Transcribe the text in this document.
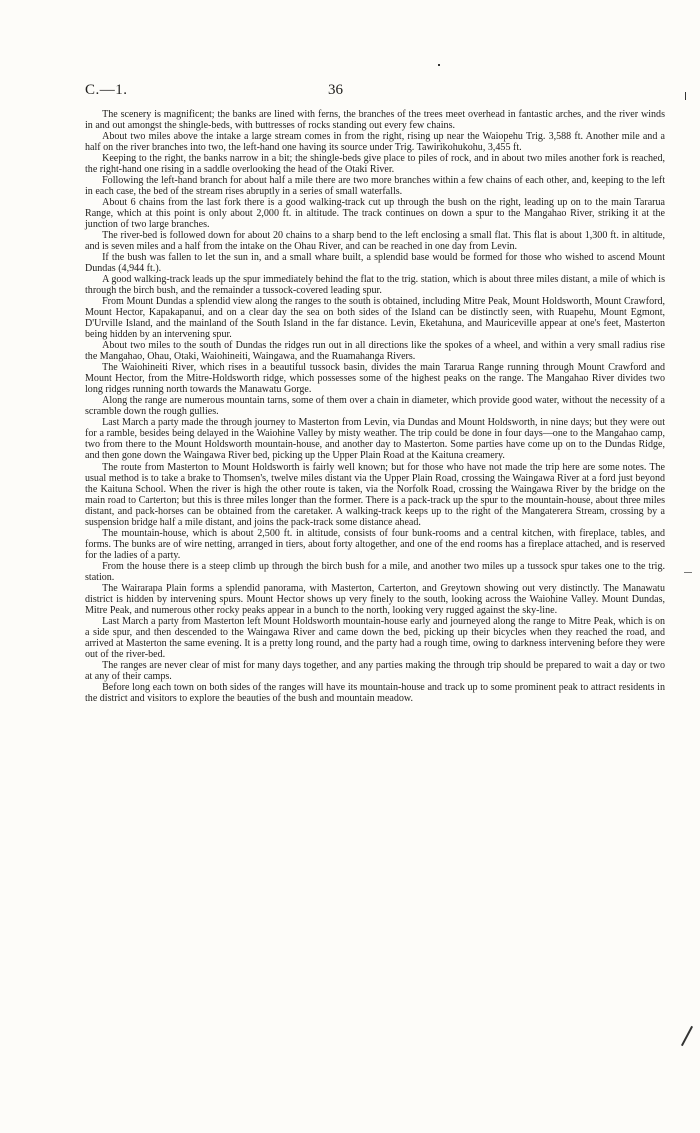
C.—1.	36

The scenery is magnificent; the banks are lined with ferns, the branches of the trees meet overhead in fantastic arches, and the river winds in and out amongst the shingle-beds, with buttresses of rocks standing out every few chains.

About two miles above the intake a large stream comes in from the right, rising up near the Waiopehu Trig. 3,588 ft. Another mile and a half on the river branches into two, the left-hand one having its source under Trig. Tawirikohukohu, 3,455 ft.

Keeping to the right, the banks narrow in a bit; the shingle-beds give place to piles of rock, and in about two miles another fork is reached, the right-hand one rising in a saddle overlooking the head of the Otaki River.

Following the left-hand branch for about half a mile there are two more branches within a few chains of each other, and, keeping to the left in each case, the bed of the stream rises abruptly in a series of small waterfalls.

About 6 chains from the last fork there is a good walking-track cut up through the bush on the right, leading up on to the main Tararua Range, which at this point is only about 2,000 ft. in altitude. The track continues on down a spur to the Mangahao River, striking it at the junction of two large branches.

The river-bed is followed down for about 20 chains to a sharp bend to the left enclosing a small flat. This flat is about 1,300 ft. in altitude, and is seven miles and a half from the intake on the Ohau River, and can be reached in one day from Levin.

If the bush was fallen to let the sun in, and a small whare built, a splendid base would be formed for those who wished to ascend Mount Dundas (4,944 ft.).

A good walking-track leads up the spur immediately behind the flat to the trig. station, which is about three miles distant, a mile of which is through the birch bush, and the remainder a tussock-covered leading spur.

From Mount Dundas a splendid view along the ranges to the south is obtained, including Mitre Peak, Mount Holdsworth, Mount Crawford, Mount Hector, Kapakapanui, and on a clear day the sea on both sides of the Island can be distinctly seen, with Ruapehu, Mount Egmont, D'Urville Island, and the mainland of the South Island in the far distance. Levin, Eketahuna, and Mauriceville appear at one's feet, Masterton being hidden by an intervening spur.

About two miles to the south of Dundas the ridges run out in all directions like the spokes of a wheel, and within a very small radius rise the Mangahao, Ohau, Otaki, Waiohineiti, Waingawa, and the Ruamahanga Rivers.

The Waiohineiti River, which rises in a beautiful tussock basin, divides the main Tararua Range running through Mount Crawford and Mount Hector, from the Mitre-Holdsworth ridge, which possesses some of the highest peaks on the range. The Mangahao River divides two long ridges running north towards the Manawatu Gorge.

Along the range are numerous mountain tarns, some of them over a chain in diameter, which provide good water, without the necessity of a scramble down the rough gullies.

Last March a party made the through journey to Masterton from Levin, via Dundas and Mount Holdsworth, in nine days; but they were out for a ramble, besides being delayed in the Waiohine Valley by misty weather. The trip could be done in four days—one to the Mangahao camp, two from there to the Mount Holdsworth mountain-house, and another day to Masterton. Some parties have come up on to the Dundas Ridge, and then gone down the Waingawa River bed, picking up the Upper Plain Road at the Kaituna creamery.

The route from Masterton to Mount Holdsworth is fairly well known; but for those who have not made the trip here are some notes. The usual method is to take a brake to Thomsen's, twelve miles distant via the Upper Plain Road, crossing the Waingawa River at a ford just beyond the Kaituna School. When the river is high the other route is taken, via the Norfolk Road, crossing the Waingawa River by the bridge on the main road to Carterton; but this is three miles longer than the former. There is a pack-track up the spur to the mountain-house, about three miles distant, and pack-horses can be obtained from the caretaker. A walking-track keeps up to the right of the Mangaterera Stream, crossing by a suspension bridge half a mile distant, and joins the pack-track some distance ahead.

The mountain-house, which is about 2,500 ft. in altitude, consists of four bunk-rooms and a central kitchen, with fireplace, tables, and forms. The bunks are of wire netting, arranged in tiers, about forty altogether, and one of the end rooms has a fireplace attached, and is reserved for the ladies of a party.

From the house there is a steep climb up through the birch bush for a mile, and another two miles up a tussock spur takes one to the trig. station.

The Wairarapa Plain forms a splendid panorama, with Masterton, Carterton, and Greytown showing out very distinctly. The Manawatu district is hidden by intervening spurs. Mount Hector shows up very finely to the south, looking across the Waiohine Valley. Mount Dundas, Mitre Peak, and numerous other rocky peaks appear in a bunch to the north, looking very rugged against the sky-line.

Last March a party from Masterton left Mount Holdsworth mountain-house early and journeyed along the range to Mitre Peak, which is on a side spur, and then descended to the Waingawa River and came down the bed, picking up their bicycles when they reached the road, and arrived at Masterton the same evening. It is a pretty long round, and the party had a rough time, owing to darkness intervening before they were out of the river-bed.

The ranges are never clear of mist for many days together, and any parties making the through trip should be prepared to wait a day or two at any of their camps.

Before long each town on both sides of the ranges will have its mountain-house and track up to some prominent peak to attract residents in the district and visitors to explore the beauties of the bush and mountain meadow.
